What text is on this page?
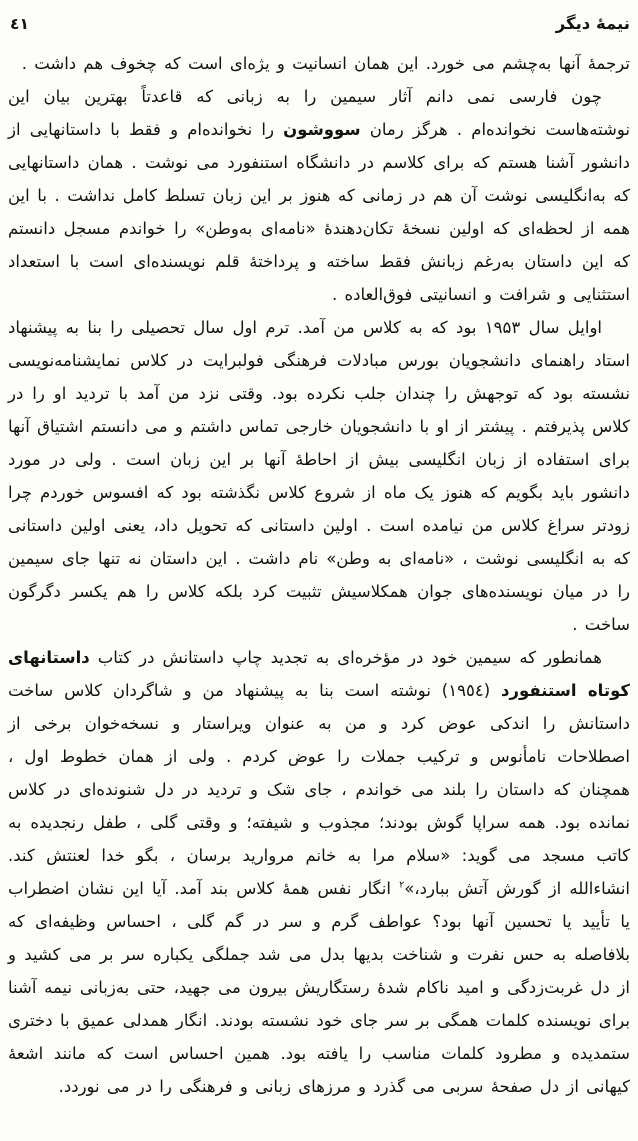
نیمهٔ دیگر
٤١

ترجمهٔ آنها به‌چشم می خورد. این همان انسانیت و یژه‌ای است که چخوف هم داشت .

چون فارسی نمی دانم آثار سیمین را به زبانی که قاعدتاً بهترین بیان این نوشته‌هاست نخوانده‌ام . هرگز رمان سووشون را نخوانده‌ام و فقط با داستانهایی از دانشور آشنا هستم که برای کلاسم در دانشگاه استنفورد می نوشت . همان داستانهایی که به‌انگلیسی نوشت آن هم در زمانی که هنوز بر این زبان تسلط کامل نداشت . با این همه از لحظه‌ای که اولین نسخهٔ تکان‌دهندهٔ «نامه‌ای به‌وطن» را خواندم مسجل دانستم که این داستان به‌رغم زبانش فقط ساخته و پرداختهٔ قلم نویسنده‌ای است با استعداد استثنایی و شرافت و انسانیتی فوق‌العاده .

اوایل سال ۱۹۵۳ بود که به کلاس من آمد. ترم اول سال تحصیلی را بنا به پیشنهاد استاد راهنمای دانشجویان بورس مبادلات فرهنگی فولبرایت در کلاس نمایشنامه‌نویسی نشسته بود که توجهش را چندان جلب نکرده بود. وقتی نزد من آمد با تردید او را در کلاس پذیرفتم . پیشتر از او با دانشجویان خارجی تماس داشتم و می دانستم اشتیاق آنها برای استفاده از زبان انگلیسی بیش از احاطهٔ آنها بر این زبان است . ولی در مورد دانشور باید بگویم که هنوز یک ماه از شروع کلاس نگذشته بود که افسوس خوردم چرا زودتر سراغ کلاس من نیامده است . اولین داستانی که تحویل داد، یعنی اولین داستانی که به انگلیسی نوشت ، «نامه‌ای به وطن» نام داشت . این داستان نه تنها جای سیمین را در میان نویسنده‌های جوان همکلاسیش تثبیت کرد بلکه کلاس را هم یکسر دگرگون ساخت .

همانطور که سیمین خود در مؤخره‌ای به تجدید چاپ داستانش در کتاب داستانهای کوتاه استنفورد (١٩٥٤) نوشته است بنا به پیشنهاد من و شاگردان کلاس ساخت داستانش را اندکی عوض کرد و من به عنوان ویراستار و نسخه‌خوان برخی از اصطلاحات نامأنوس و ترکیب جملات را عوض کردم . ولی از همان خطوط اول ، همچنان که داستان را بلند می خواندم ، جای شک و تردید در دل شنونده‌ای در کلاس نمانده بود. همه سراپا گوش بودند؛ مجذوب و شیفته؛ و وقتی گلی ، طفل رنجدیده به کاتب مسجد می گوید: «سلام مرا به خانم مروارید برسان ، بگو خدا لعنتش کند. انشاءالله از گورش آتش ببارد،»$^۲$ انگار نفس همهٔ کلاس بند آمد. آیا این نشان اضطراب یا تأیید یا تحسین آنها بود؟ عواطف گرم و سر در گم گلی ، احساس وظیفه‌ای که بلافاصله به حس نفرت و شناخت بدیها بدل می شد جملگی یکباره سر بر می کشید و از دل غربت‌زدگی و امید ناکام شدهٔ رستگاریش بیرون می جهید، حتی به‌زبانی نیمه آشنا برای نویسنده کلمات همگی بر سر جای خود نشسته بودند. انگار همدلی عمیق با دختری ستمدیده و مطرود کلمات مناسب را یافته بود. همین احساس است که مانند اشعهٔ کیهانی از دل صفحهٔ سربی می گذرد و مرزهای زبانی و فرهنگی را در می نوردد.
